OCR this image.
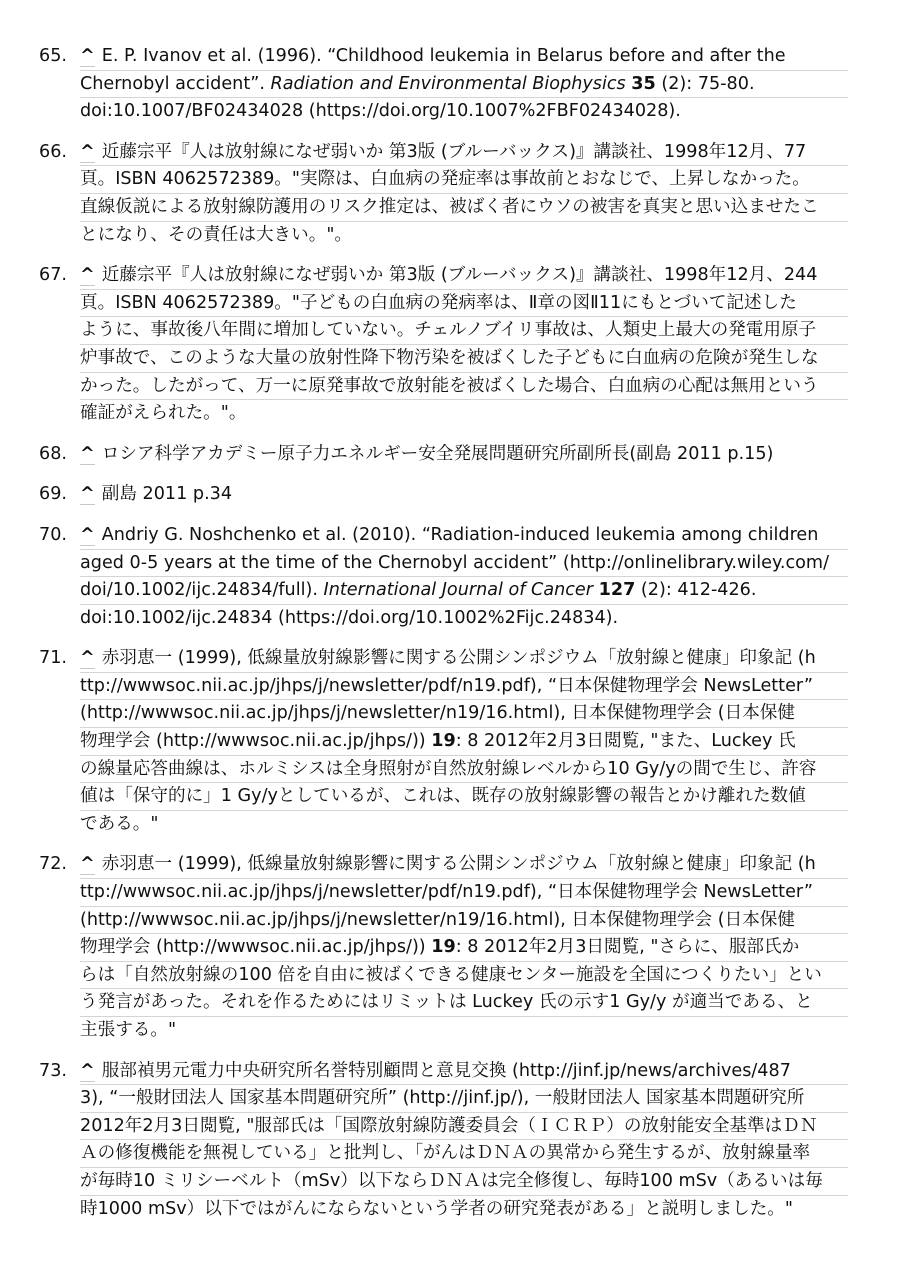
65. ^ E. P. Ivanov et al. (1996). “Childhood leukemia in Belarus before and after the
Chernobyl accident”. Radiation and Environmental Biophysics 35 (2): 75-80.
doi:10.1007/BF02434028 (https://doi.org/10.1007%2FBF02434028).
66. ^ 近藤宗平『人は放射線になぜ弱いか 第3版 (ブルーバックス)』講談社、1998年12月、77
頁。ISBN 4062572389。"実際は、白血病の発症率は事故前とおなじで、上昇しなかった。
直線仮説による放射線防護用のリスク推定は、被ばく者にウソの被害を真実と思い込ませたこ
とになり、その責任は大きい。"。
67. ^ 近藤宗平『人は放射線になぜ弱いか 第3版 (ブルーバックス)』講談社、1998年12月、244
頁。ISBN 4062572389。"子どもの白血病の発病率は、Ⅱ章の図Ⅱ11にもとづいて記述した
ように、事故後八年間に増加していない。チェルノブイリ事故は、人類史上最大の発電用原子
炉事故で、このような大量の放射性降下物汚染を被ばくした子どもに白血病の危険が発生しな
かった。したがって、万一に原発事故で放射能を被ばくした場合、白血病の心配は無用という
確証がえられた。"。
68. ^ ロシア科学アカデミー原子力エネルギー安全発展問題研究所副所長(副島 2011 p.15)
69. ^ 副島 2011 p.34
70. ^ Andriy G. Noshchenko et al. (2010). “Radiation-induced leukemia among children
aged 0-5 years at the time of the Chernobyl accident” (http://onlinelibrary.wiley.com/
doi/10.1002/ijc.24834/full). International Journal of Cancer 127 (2): 412-426.
doi:10.1002/ijc.24834 (https://doi.org/10.1002%2Fijc.24834).
71. ^ 赤羽恵一 (1999), 低線量放射線影響に関する公開シンポジウム「放射線と健康」印象記 (h
ttp://wwwsoc.nii.ac.jp/jhps/j/newsletter/pdf/n19.pdf), “日本保健物理学会 NewsLetter”
(http://wwwsoc.nii.ac.jp/jhps/j/newsletter/n19/16.html), 日本保健物理学会 (日本保健
物理学会 (http://wwwsoc.nii.ac.jp/jhps/)) 19: 8 2012年2月3日閲覧, "また、Luckey 氏
の線量応答曲線は、ホルミシスは全身照射が自然放射線レベルから10 Gy/yの間で生じ、許容
値は「保守的に」1 Gy/yとしているが、これは、既存の放射線影響の報告とかけ離れた数値
である。"
72. ^ 赤羽恵一 (1999), 低線量放射線影響に関する公開シンポジウム「放射線と健康」印象記 (h
ttp://wwwsoc.nii.ac.jp/jhps/j/newsletter/pdf/n19.pdf), “日本保健物理学会 NewsLetter”
(http://wwwsoc.nii.ac.jp/jhps/j/newsletter/n19/16.html), 日本保健物理学会 (日本保健
物理学会 (http://wwwsoc.nii.ac.jp/jhps/)) 19: 8 2012年2月3日閲覧, "さらに、服部氏か
らは「自然放射線の100 倍を自由に被ばくできる健康センター施設を全国につくりたい」とい
う発言があった。それを作るためにはリミットは Luckey 氏の示す1 Gy/y が適当である、と
主張する。"
73. ^ 服部禎男元電力中央研究所名誉特別顧問と意見交換 (http://jinf.jp/news/archives/487
3), “一般財団法人 国家基本問題研究所” (http://jinf.jp/), 一般財団法人 国家基本問題研究所
2012年2月3日閲覧, "服部氏は「国際放射線防護委員会（ＩＣＲＰ）の放射能安全基準はＤＮ
Ａの修復機能を無視している」と批判し、「がんはＤＮＡの異常から発生するが、放射線量率
が毎時10 ミリシーベルト（mSv）以下ならＤＮＡは完全修復し、毎時100 mSv（あるいは毎
時1000 mSv）以下ではがんにならないという学者の研究発表がある」と説明しました。"
